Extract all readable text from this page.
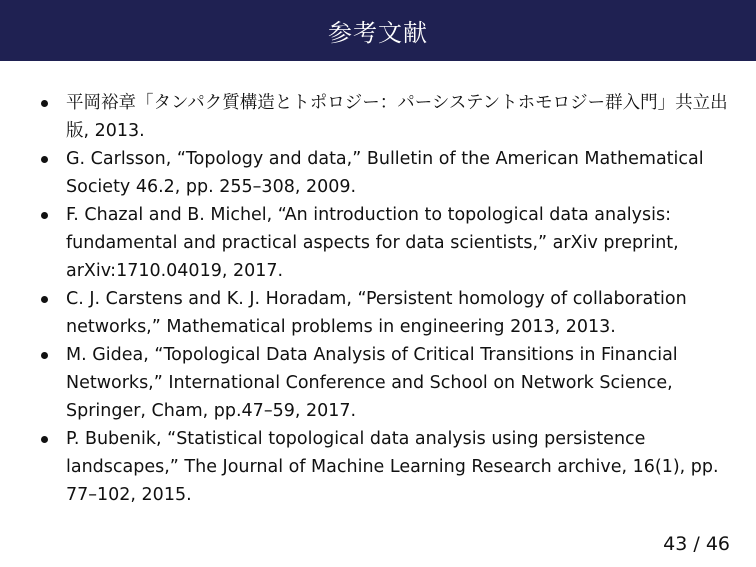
参考文献
平岡裕章「タンパク質構造とトポロジー：パーシステントホモロジー群入門」共立出版, 2013.
G. Carlsson, “Topology and data,” Bulletin of the American Mathematical Society 46.2, pp. 255–308, 2009.
F. Chazal and B. Michel, “An introduction to topological data analysis: fundamental and practical aspects for data scientists,” arXiv preprint, arXiv:1710.04019, 2017.
C. J. Carstens and K. J. Horadam, “Persistent homology of collaboration networks,” Mathematical problems in engineering 2013, 2013.
M. Gidea, “Topological Data Analysis of Critical Transitions in Financial Networks,” International Conference and School on Network Science, Springer, Cham, pp.47–59, 2017.
P. Bubenik, “Statistical topological data analysis using persistence landscapes,” The Journal of Machine Learning Research archive, 16(1), pp. 77–102, 2015.
43 / 46
